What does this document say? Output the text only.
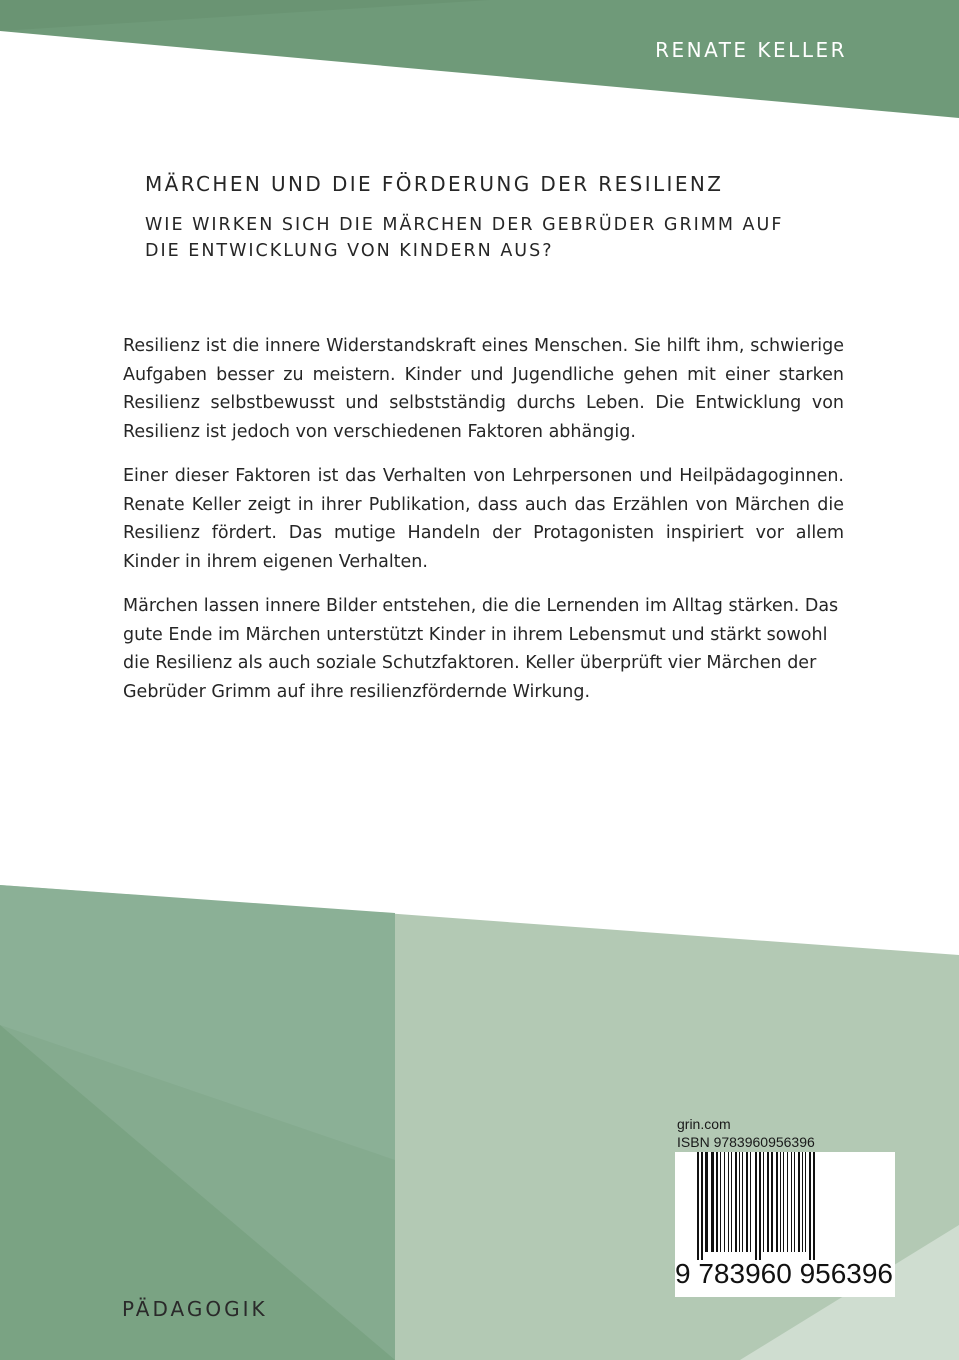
RENATE KELLER
MÄRCHEN UND DIE FÖRDERUNG DER RESILIENZ
WIE WIRKEN SICH DIE MÄRCHEN DER GEBRÜDER GRIMM AUF DIE ENTWICKLUNG VON KINDERN AUS?

Resilienz ist die innere Widerstandskraft eines Menschen. Sie hilft ihm, schwierige Aufgaben besser zu meistern. Kinder und Jugendliche gehen mit einer starken Resilienz selbstbewusst und selbstständig durchs Leben. Die Entwicklung von Resilienz ist jedoch von verschiedenen Faktoren abhängig.

Einer dieser Faktoren ist das Verhalten von Lehrpersonen und Heilpädagoginnen. Renate Keller zeigt in ihrer Publikation, dass auch das Erzählen von Märchen die Resilienz fördert. Das mutige Handeln der Protagonisten inspiriert vor allem Kinder in ihrem eigenen Verhalten.

Märchen lassen innere Bilder entstehen, die die Lernenden im Alltag stärken. Das gute Ende im Märchen unterstützt Kinder in ihrem Lebensmut und stärkt sowohl die Resilienz als auch soziale Schutzfaktoren. Keller überprüft vier Märchen der Gebrüder Grimm auf ihre resilienzfördernde Wirkung.

grin.com
ISBN 9783960956396
9 783960 956396
PÄDAGOGIK
